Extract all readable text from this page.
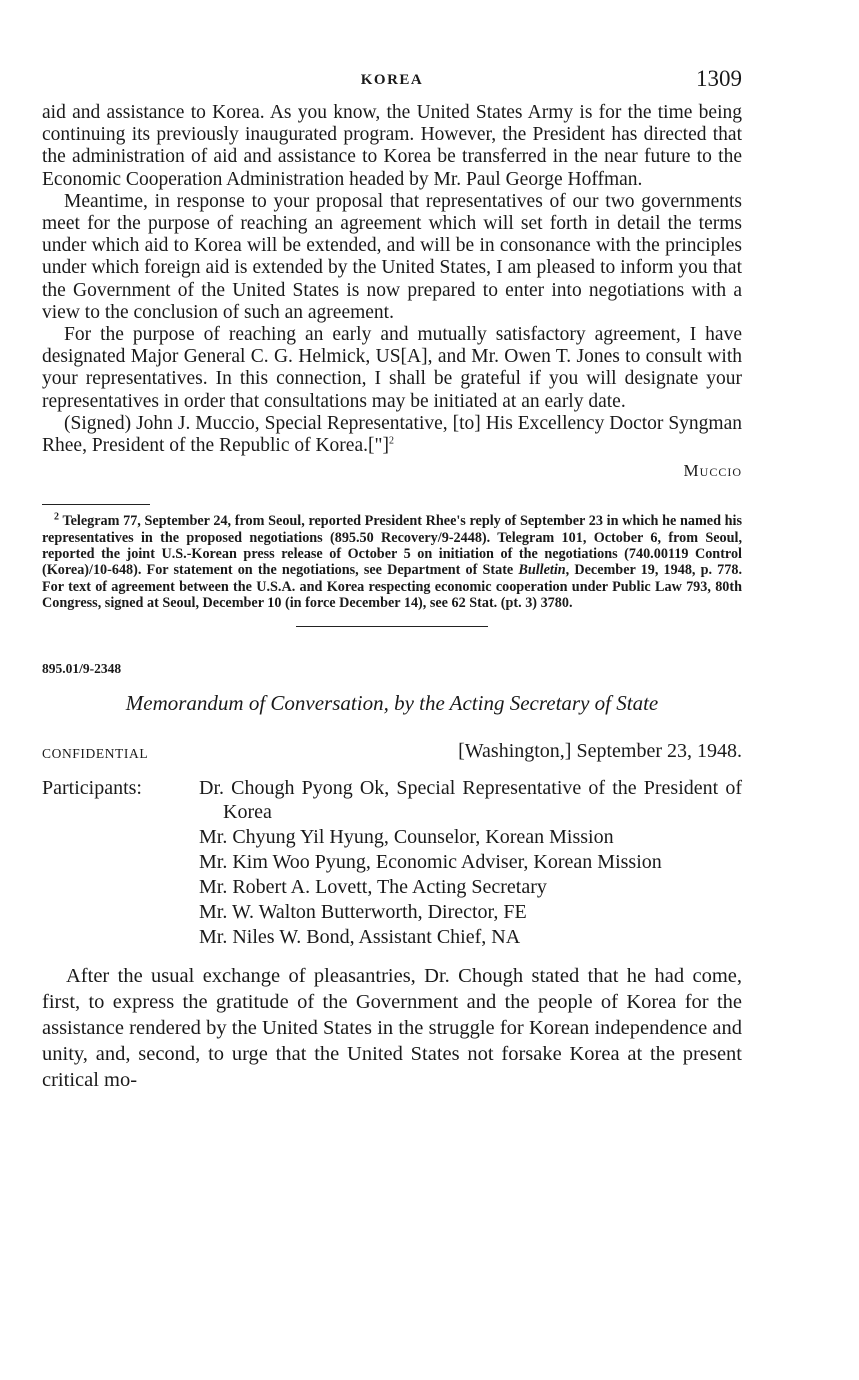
KOREA	1309

aid and assistance to Korea. As you know, the United States Army is for the time being continuing its previously inaugurated program. However, the President has directed that the administration of aid and assistance to Korea be transferred in the near future to the Economic Cooperation Administration headed by Mr. Paul George Hoffman.

Meantime, in response to your proposal that representatives of our two governments meet for the purpose of reaching an agreement which will set forth in detail the terms under which aid to Korea will be extended, and will be in consonance with the principles under which foreign aid is extended by the United States, I am pleased to inform you that the Government of the United States is now prepared to enter into negotiations with a view to the conclusion of such an agreement.

For the purpose of reaching an early and mutually satisfactory agreement, I have designated Major General C. G. Helmick, US[A], and Mr. Owen T. Jones to consult with your representatives. In this connection, I shall be grateful if you will designate your representatives in order that consultations may be initiated at an early date.

(Signed) John J. Muccio, Special Representative, [to] His Excellency Doctor Syngman Rhee, President of the Republic of Korea.["]$^2$

Muccio
$^2$ Telegram 77, September 24, from Seoul, reported President Rhee's reply of September 23 in which he named his representatives in the proposed negotiations (895.50 Recovery/9-2448). Telegram 101, October 6, from Seoul, reported the joint U.S.-Korean press release of October 5 on initiation of the negotiations (740.00119 Control (Korea)/10-648). For statement on the negotiations, see Department of State Bulletin, December 19, 1948, p. 778. For text of agreement between the U.S.A. and Korea respecting economic cooperation under Public Law 793, 80th Congress, signed at Seoul, December 10 (in force December 14), see 62 Stat. (pt. 3) 3780.
895.01/9-2348
Memorandum of Conversation, by the Acting Secretary of State
CONFIDENTIAL	[Washington,] September 23, 1948.
Participants:	Dr. Chough Pyong Ok, Special Representative of the President of Korea
Mr. Chyung Yil Hyung, Counselor, Korean Mission
Mr. Kim Woo Pyung, Economic Adviser, Korean Mission
Mr. Robert A. Lovett, The Acting Secretary
Mr. W. Walton Butterworth, Director, FE
Mr. Niles W. Bond, Assistant Chief, NA
After the usual exchange of pleasantries, Dr. Chough stated that he had come, first, to express the gratitude of the Government and the people of Korea for the assistance rendered by the United States in the struggle for Korean independence and unity, and, second, to urge that the United States not forsake Korea at the present critical mo-
